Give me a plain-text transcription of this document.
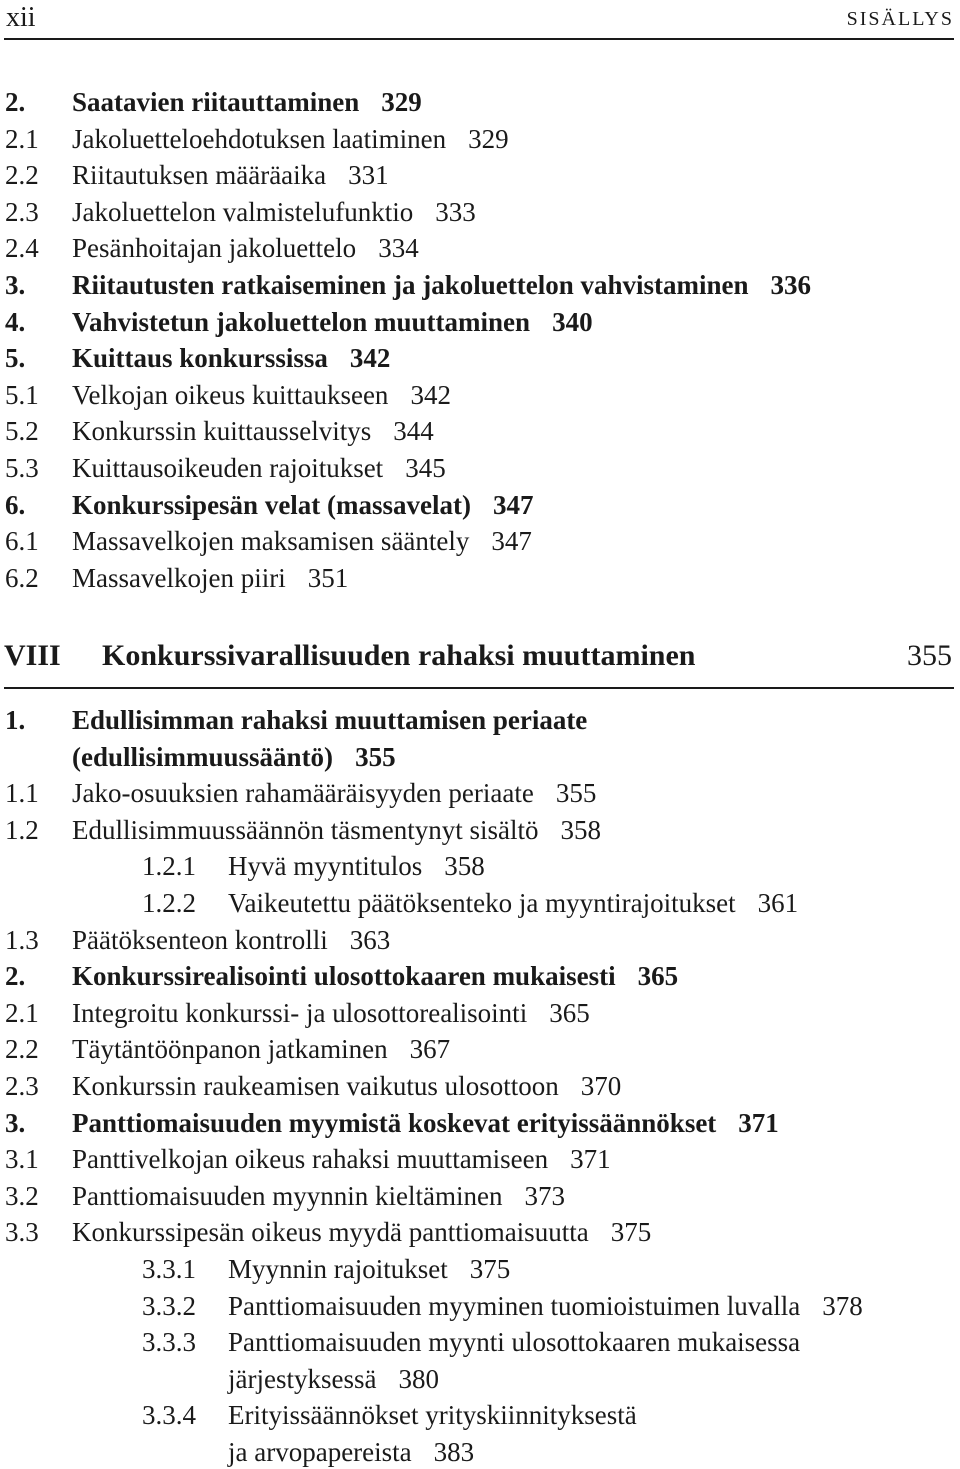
xii	SISÄLLYS
2. Saatavien riitauttaminen 329
2.1 Jakoluetteloehdotuksen laatiminen 329
2.2 Riitautuksen määräaika 331
2.3 Jakoluettelon valmistelufunktio 333
2.4 Pesänhoitajan jakoluettelo 334
3. Riitautusten ratkaiseminen ja jakoluettelon vahvistaminen 336
4. Vahvistetun jakoluettelon muuttaminen 340
5. Kuittaus konkurssissa 342
5.1 Velkojan oikeus kuittaukseen 342
5.2 Konkurssin kuittausselvitys 344
5.3 Kuittausoikeuden rajoitukset 345
6. Konkurssipesän velat (massavelat) 347
6.1 Massavelkojen maksamisen sääntely 347
6.2 Massavelkojen piiri 351
1. Edullisimman rahaksi muuttamisen periaate
(edullisimmuussääntö) 355
1.1 Jako-osuuksien rahamääräisyyden periaate 355
1.2 Edullisimmuussäännön täsmentynyt sisältö 358
1.2.1 Hyvä myyntitulos 358
1.2.2 Vaikeutettu päätöksenteko ja myyntirajoitukset 361
1.3 Päätöksenteon kontrolli 363
2. Konkurssirealisointi ulosottokaaren mukaisesti 365
2.1 Integroitu konkurssi- ja ulosottorealisointi 365
2.2 Täytäntöönpanon jatkaminen 367
2.3 Konkurssin raukeamisen vaikutus ulosottoon 370
3. Panttiomaisuuden myymistä koskevat erityissäännökset 371
3.1 Panttivelkojan oikeus rahaksi muuttamiseen 371
3.2 Panttiomaisuuden myynnin kieltäminen 373
3.3 Konkurssipesän oikeus myydä panttiomaisuutta 375
3.3.1 Myynnin rajoitukset 375
3.3.2 Panttiomaisuuden myyminen tuomioistuimen luvalla 378
3.3.3 Panttiomaisuuden myynti ulosottokaaren mukaisessa
järjestyksessä 380
3.3.4 Erityissäännökset yrityskiinnityksestä
ja arvopapereista 383
VIII Konkurssivarallisuuden rahaksi muuttaminen	355
